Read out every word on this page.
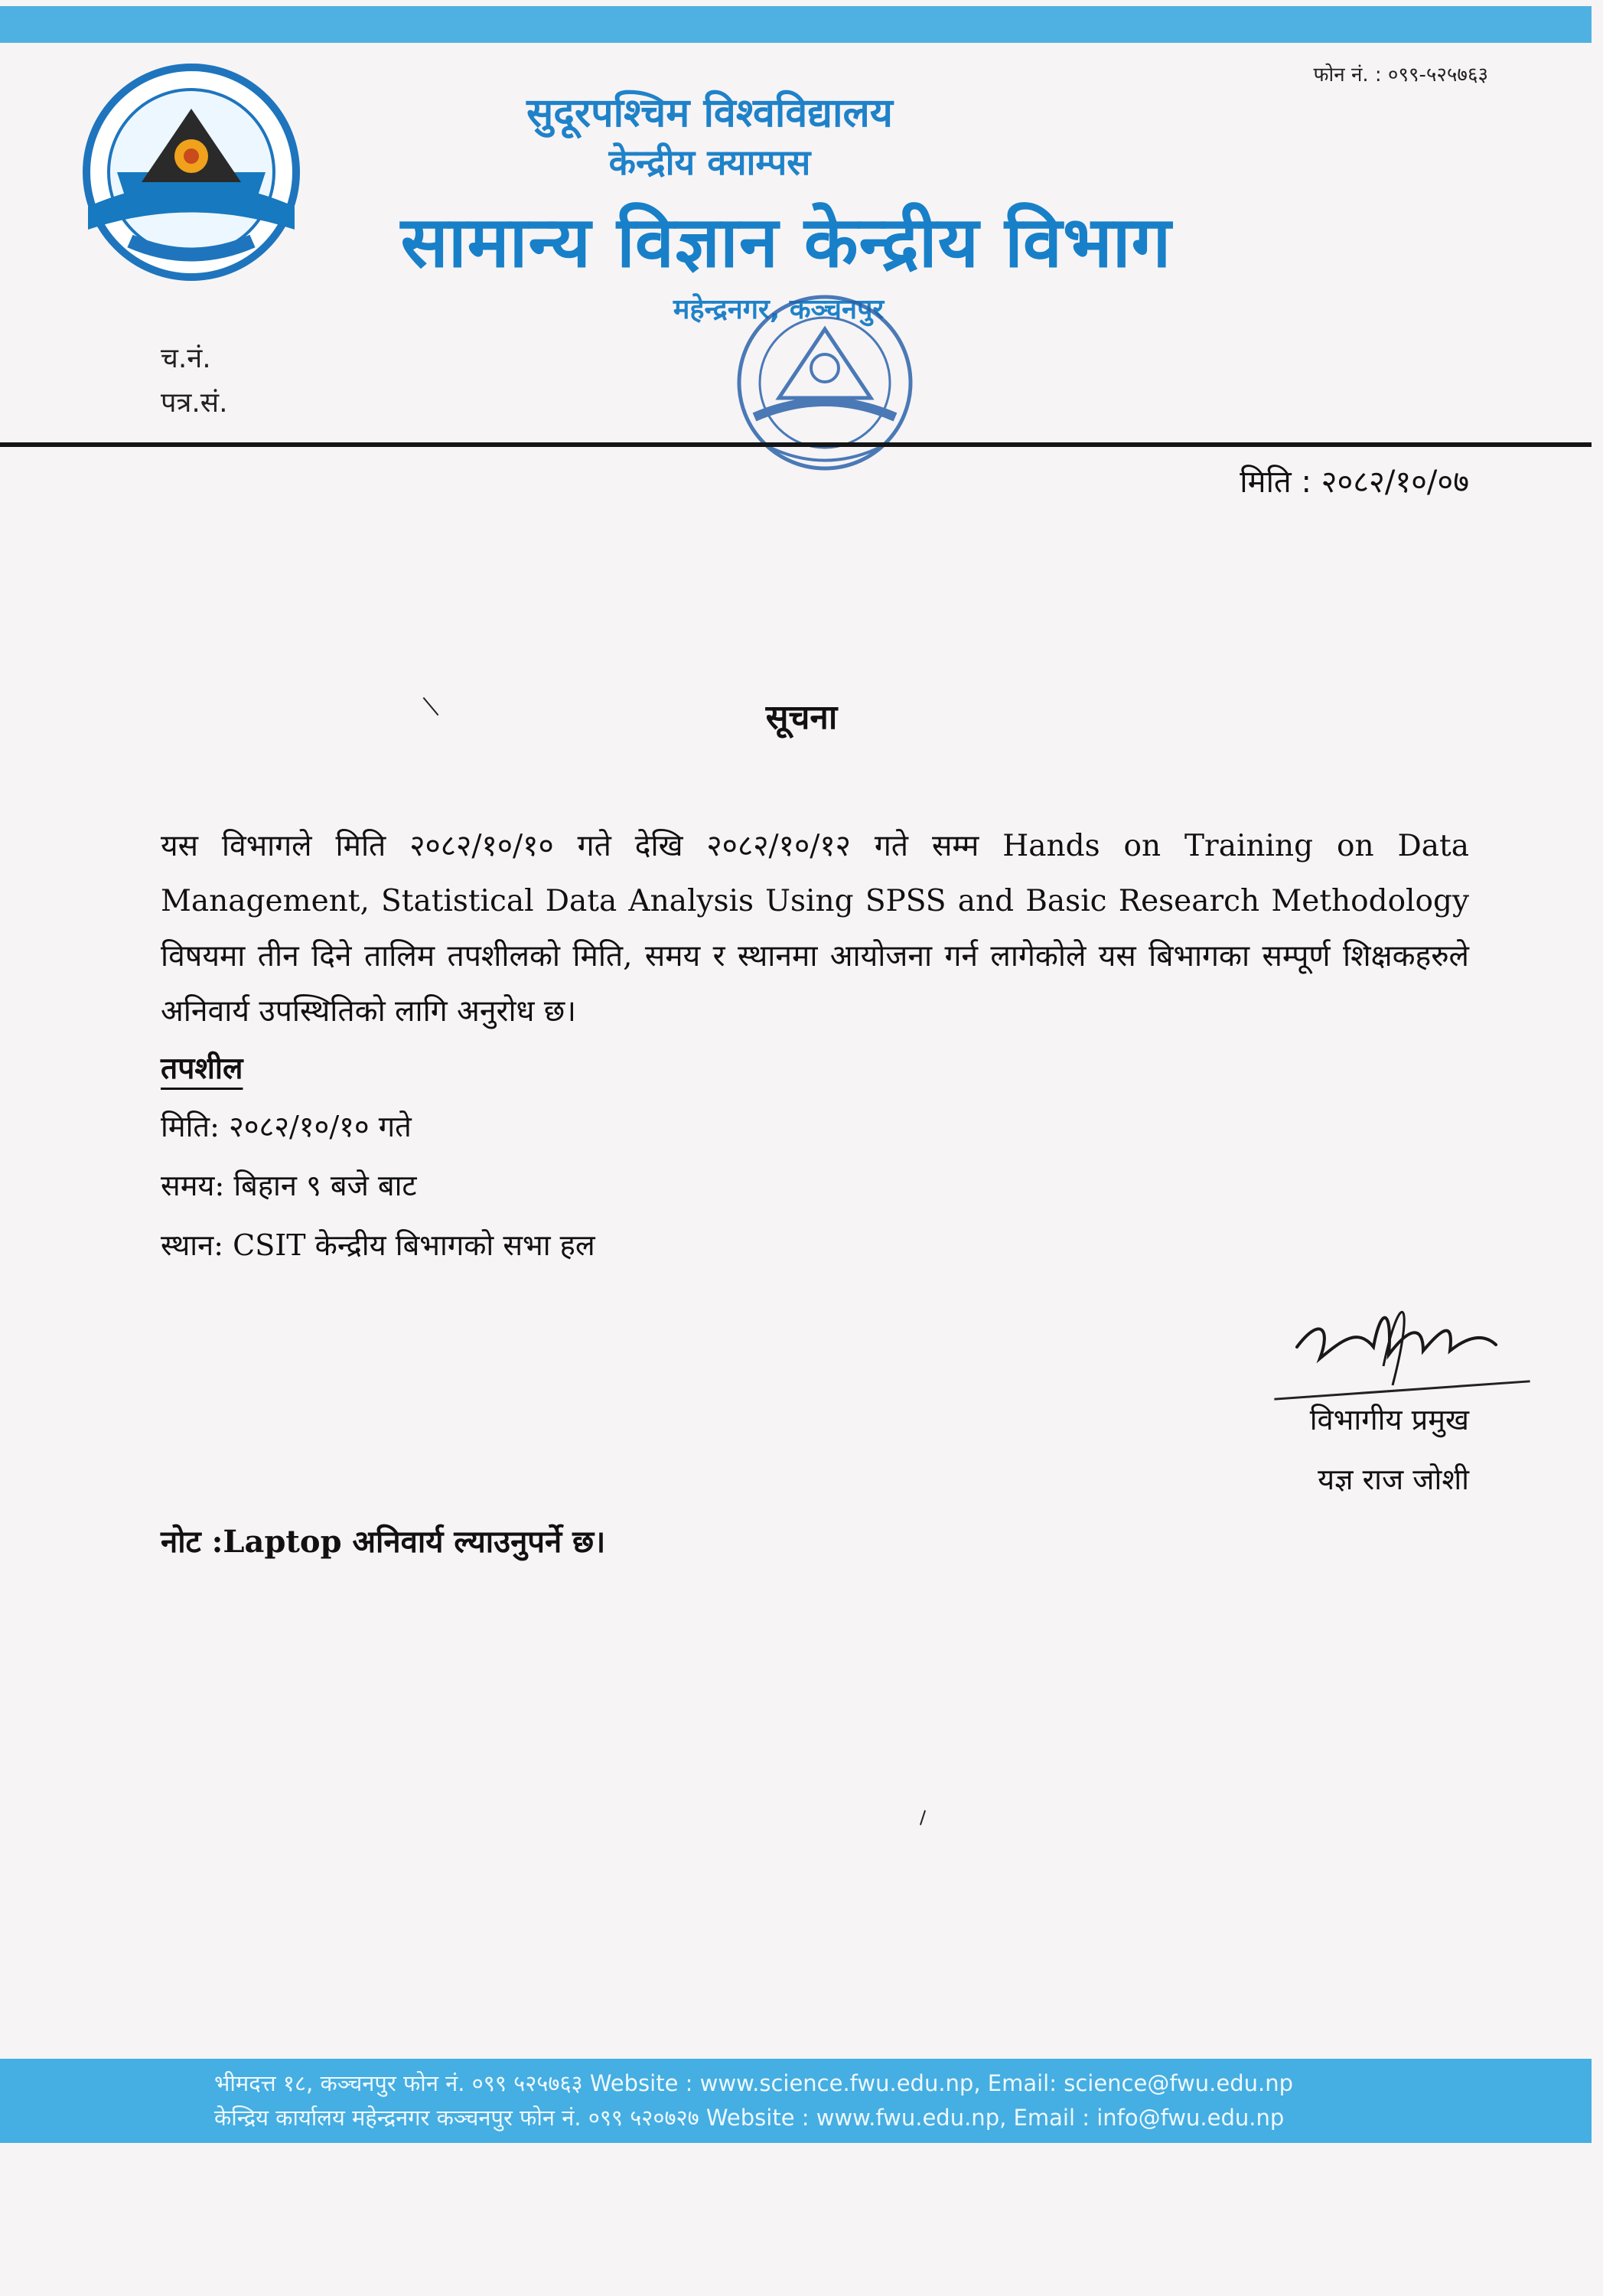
फोन नं. : ०९९-५२५७६३
सुदूरपश्चिम विश्वविद्यालय
केन्द्रीय क्याम्पस
सामान्य विज्ञान केन्द्रीय विभाग
महेन्द्रनगर, कञ्चनपुर
च.नं.
पत्र.सं.
मिति : २०८२/१०/०७
सूचना
यस विभागले मिति २०८२/१०/१० गते देखि २०८२/१०/१२ गते सम्म Hands on Training on Data Management, Statistical Data Analysis Using SPSS and Basic Research Methodology विषयमा तीन दिने तालिम तपशीलको मिति, समय र स्थानमा आयोजना गर्न लागेकोले यस बिभागका सम्पूर्ण शिक्षकहरुले अनिवार्य उपस्थितिको लागि अनुरोध छ।
तपशील
मिति: २०८२/१०/१० गते
समय: बिहान ९ बजे बाट
स्थान: CSIT केन्द्रीय बिभागको सभा हल
विभागीय प्रमुख
यज्ञ राज जोशी
नोट :Laptop अनिवार्य ल्याउनुपर्ने छ।
भीमदत्त १८, कञ्चनपुर फोन नं. ०९९ ५२५७६३ Website : www.science.fwu.edu.np, Email: science@fwu.edu.np
केन्द्रिय कार्यालय महेन्द्रनगर कञ्चनपुर फोन नं. ०९९ ५२०७२७ Website : www.fwu.edu.np, Email : info@fwu.edu.np
